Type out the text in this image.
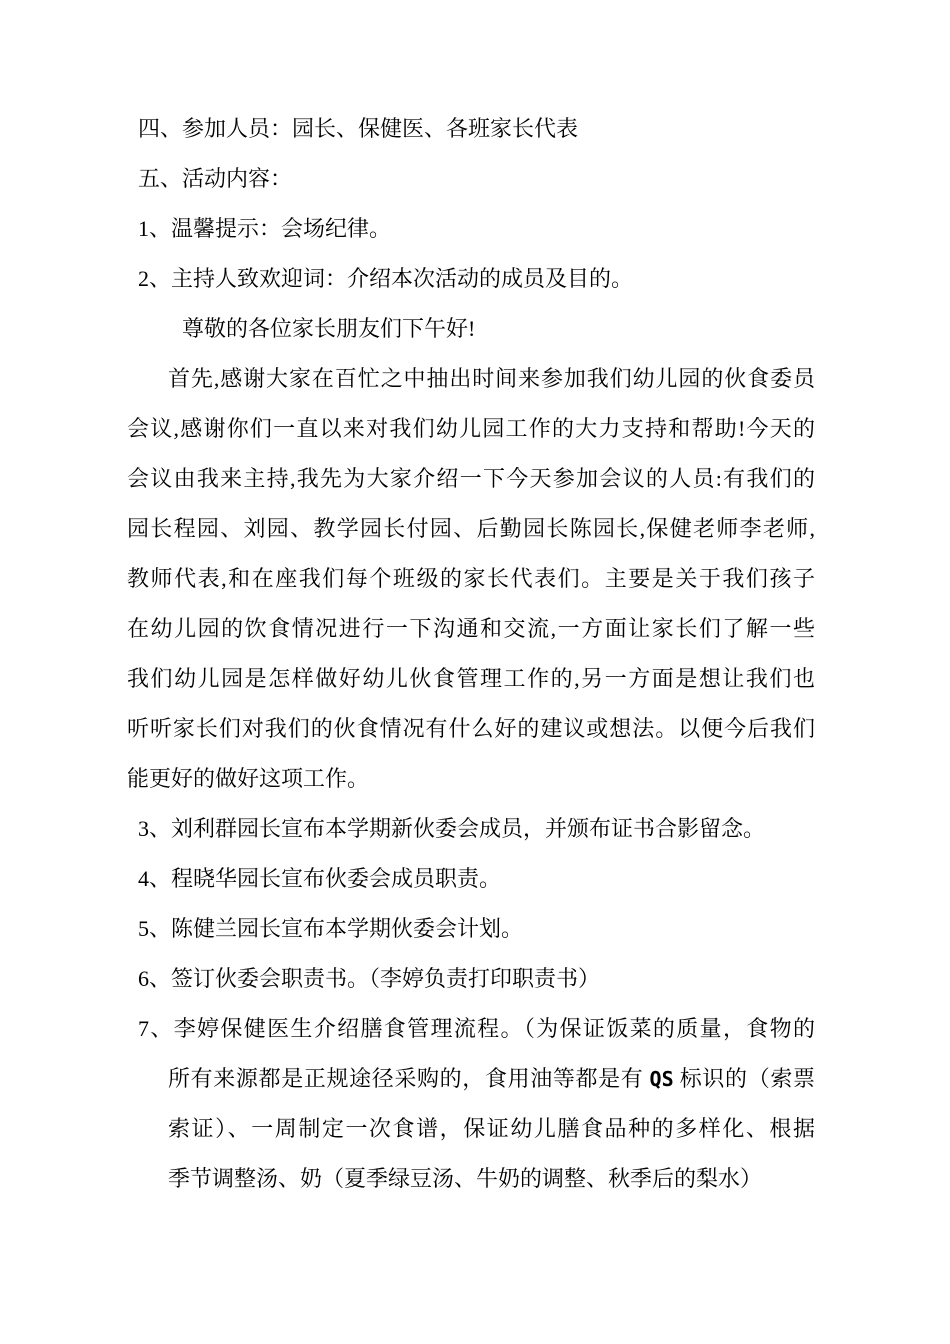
四、参加人员：园长、保健医、各班家长代表
五、活动内容：
1、温馨提示：会场纪律。
2、主持人致欢迎词：介绍本次活动的成员及目的。
尊敬的各位家长朋友们下午好!
首先,感谢大家在百忙之中抽出时间来参加我们幼儿园的伙食委员
会议,感谢你们一直以来对我们幼儿园工作的大力支持和帮助!今天的
会议由我来主持,我先为大家介绍一下今天参加会议的人员:有我们的
园长程园、刘园、教学园长付园、后勤园长陈园长,保健老师李老师,
教师代表,和在座我们每个班级的家长代表们。主要是关于我们孩子
在幼儿园的饮食情况进行一下沟通和交流,一方面让家长们了解一些
我们幼儿园是怎样做好幼儿伙食管理工作的,另一方面是想让我们也
听听家长们对我们的伙食情况有什么好的建议或想法。以便今后我们
能更好的做好这项工作。
3、刘利群园长宣布本学期新伙委会成员，并颁布证书合影留念。
4、程晓华园长宣布伙委会成员职责。
5、陈健兰园长宣布本学期伙委会计划。
6、签订伙委会职责书。（李婷负责打印职责书）
7、李婷保健医生介绍膳食管理流程。（为保证饭菜的质量，食物的
所有来源都是正规途径采购的，食用油等都是有 QS 标识的（索票
索证）、一周制定一次食谱，保证幼儿膳食品种的多样化、根据
季节调整汤、奶（夏季绿豆汤、牛奶的调整、秋季后的梨水）
